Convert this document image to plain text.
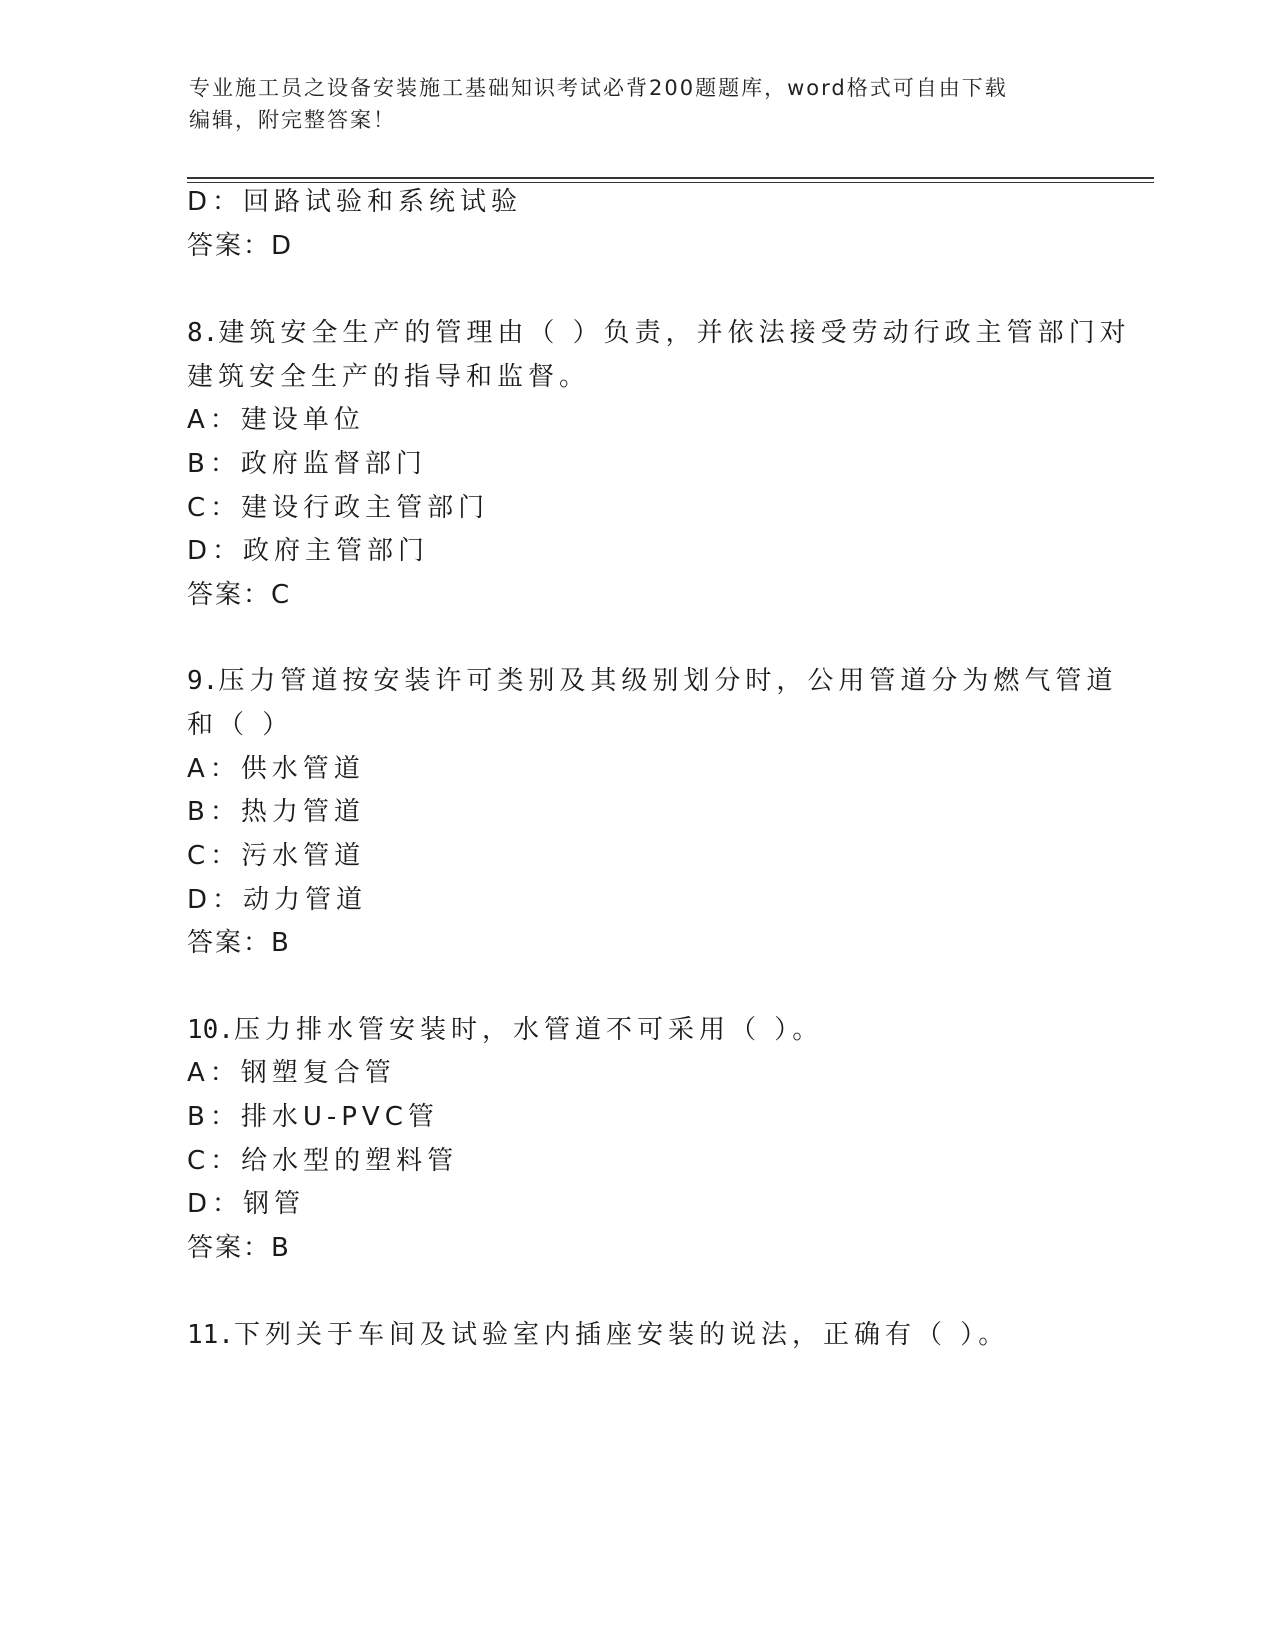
专业施工员之设备安装施工基础知识考试必背200题题库，word格式可自由下载
编辑，附完整答案！
D：回路试验和系统试验
答案：D
8.建筑安全生产的管理由（ ）负责，并依法接受劳动行政主管部门对
建筑安全生产的指导和监督。
A：建设单位
B：政府监督部门
C：建设行政主管部门
D：政府主管部门
答案：C
9.压力管道按安装许可类别及其级别划分时，公用管道分为燃气管道
和（ ）
A：供水管道
B：热力管道
C：污水管道
D：动力管道
答案：B
10.压力排水管安装时，水管道不可采用（ ）。
A：钢塑复合管
B：排水U-PVC管
C：给水型的塑料管
D：钢管
答案：B
11.下列关于车间及试验室内插座安装的说法，正确有（ ）。
